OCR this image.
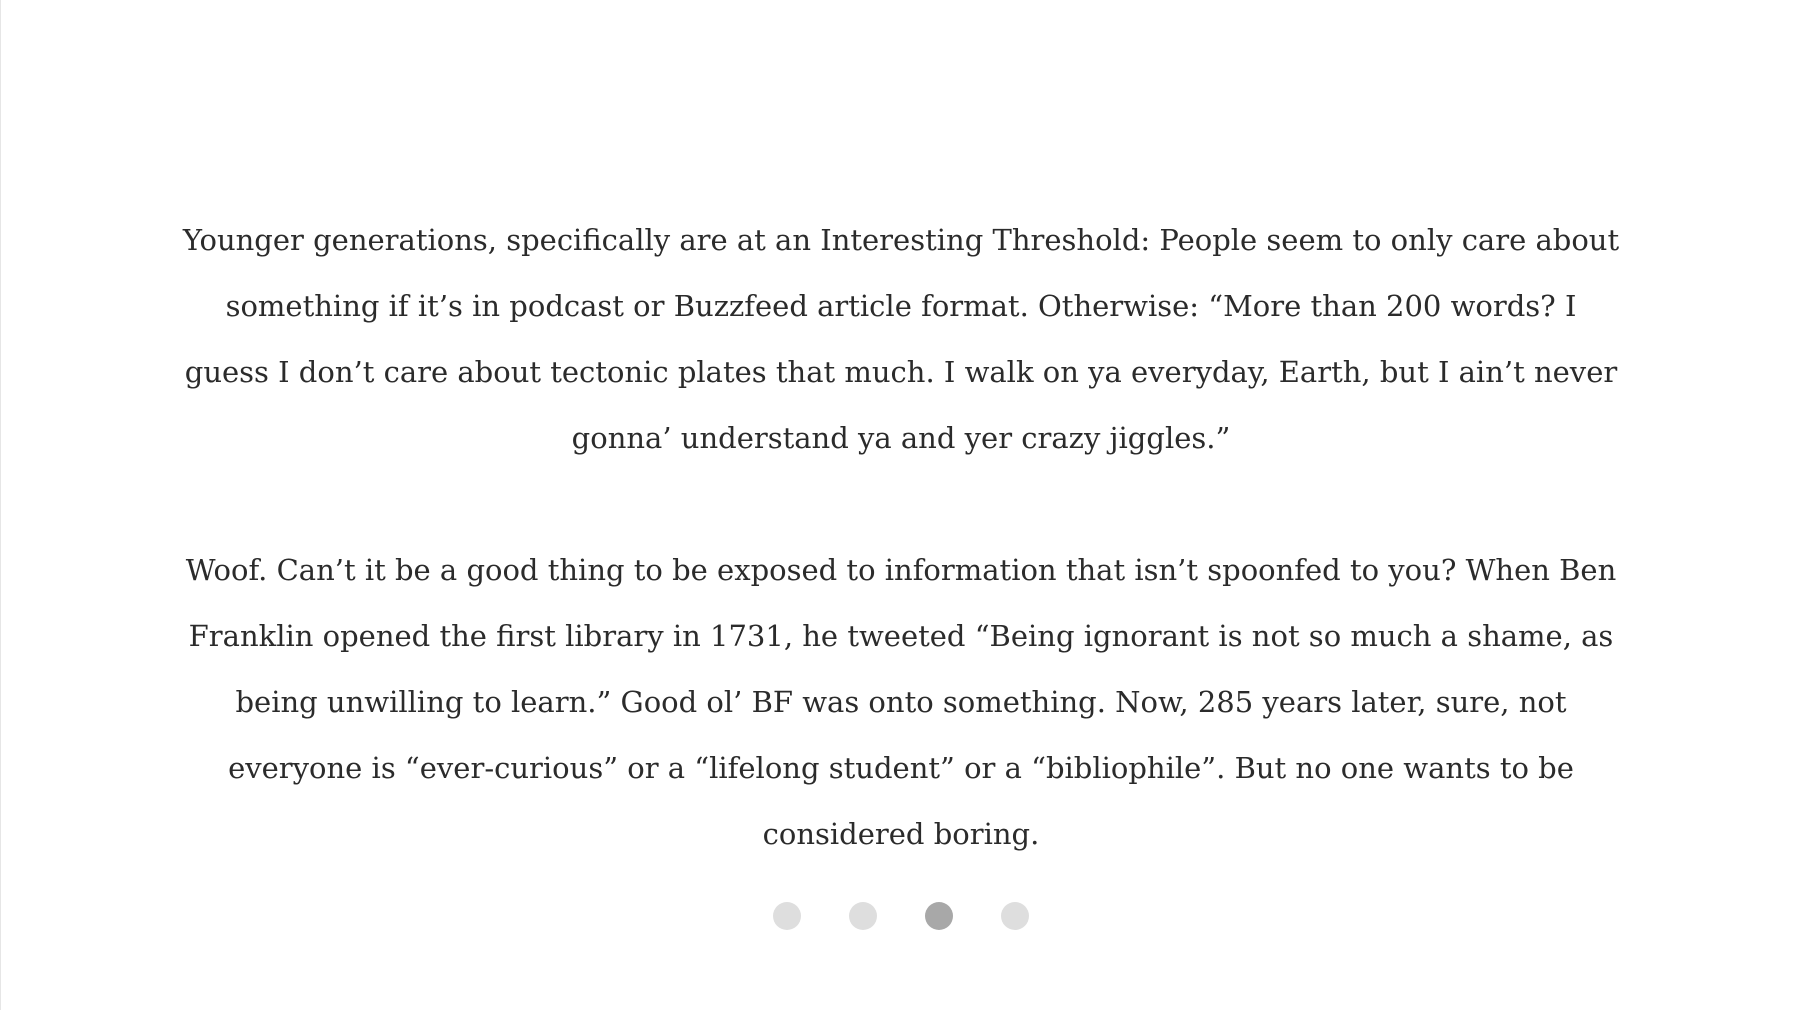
Younger generations, specifically are at an Interesting Threshold: People seem to only care about something if it’s in podcast or Buzzfeed article format. Otherwise: “More than 200 words? I guess I don’t care about tectonic plates that much. I walk on ya everyday, Earth, but I ain’t never gonna’ understand ya and yer crazy jiggles.”

Woof. Can’t it be a good thing to be exposed to information that isn’t spoonfed to you? When Ben Franklin opened the first library in 1731, he tweeted “Being ignorant is not so much a shame, as being unwilling to learn.” Good ol’ BF was onto something. Now, 285 years later, sure, not everyone is “ever-curious” or a “lifelong student” or a “bibliophile”. But no one wants to be considered boring.
